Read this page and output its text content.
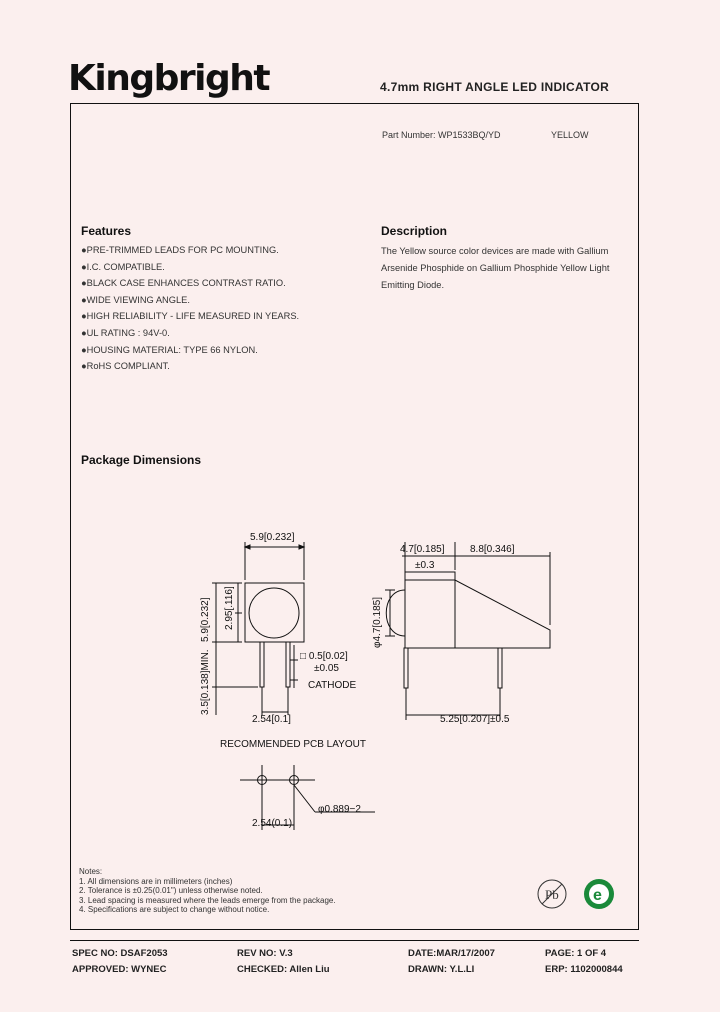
Kingbright	4.7mm RIGHT ANGLE LED INDICATOR
Part Number: WP1533BQ/YD	YELLOW
Features
●PRE-TRIMMED LEADS FOR PC MOUNTING.
●I.C. COMPATIBLE.
●BLACK CASE ENHANCES CONTRAST RATIO.
●WIDE VIEWING ANGLE.
●HIGH RELIABILITY - LIFE MEASURED IN YEARS.
●UL RATING : 94V-0.
●HOUSING MATERIAL: TYPE 66 NYLON.
●RoHS COMPLIANT.
Description
The Yellow source color devices are made with Gallium Arsenide Phosphide on Gallium Phosphide Yellow Light Emitting Diode.
Package Dimensions
5.9[0.232]
5.9[0.232] 2.95[.116]
3.5[0.138]MIN.	□ 0.5[0.02]
±0.05
CATHODE
2.54[0.1]
4.7[0.185]
±0.3
8.8[0.346]
φ4.7[0.185]
5.25[0.207]±0.5
RECOMMENDED PCB LAYOUT
φ0.889−2
2.54(0.1)
Notes:
1. All dimensions are in millimeters (inches)
2. Tolerance is ±0.25(0.01") unless otherwise noted.
3. Lead spacing is measured where the leads emerge from the package.
4. Specifications are subject to change without notice.
Pb e
SPEC NO: DSAF2053	REV NO: V.3	DATE:MAR/17/2007	PAGE: 1 OF 4
APPROVED: WYNEC	CHECKED: Allen Liu	DRAWN: Y.L.LI	ERP: 1102000844
